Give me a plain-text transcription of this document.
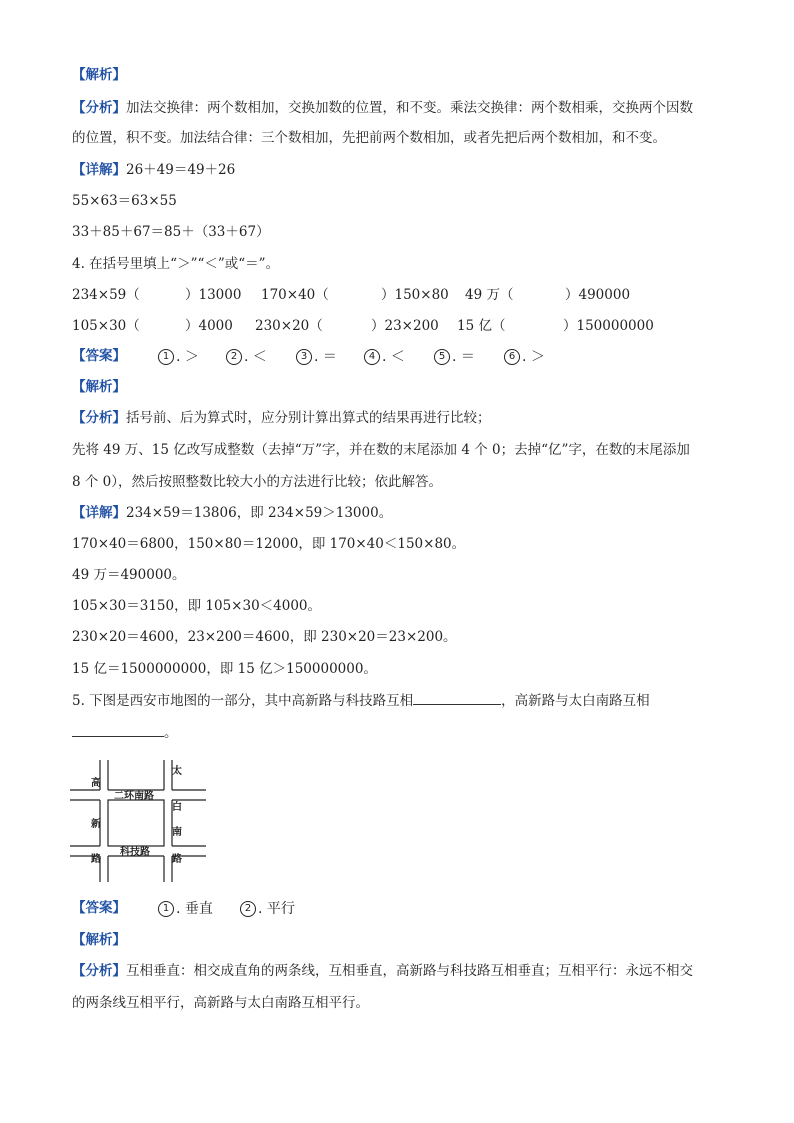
【解析】
【分析】加法交换律：两个数相加，交换加数的位置，和不变。乘法交换律：两个数相乘，交换两个因数
的位置，积不变。加法结合律：三个数相加，先把前两个数相加，或者先把后两个数相加，和不变。
【详解】26＋49＝49＋26
55×63＝63×55
33＋85＋67＝85＋（33＋67）
4. 在括号里填上“＞”“＜”或“＝”。
234×59（	）13000 170×40（	）150×80 49 万（	）490000
105×30（	）4000 230×20（	）23×200 15 亿（	）150000000
【答案】	1 . ＞	2 . ＜	3 . ＝	4 . ＜	5 . ＝	6 . ＞
【解析】
【分析】括号前、后为算式时，应分别计算出算式的结果再进行比较；
先将 49 万、15 亿改写成整数（去掉“万”字，并在数的末尾添加 4 个 0；去掉“亿”字，在数的末尾添加
8 个 0），然后按照整数比较大小的方法进行比较；依此解答。
【详解】234×59＝13806，即 234×59＞13000。
170×40＝6800，150×80＝12000，即 170×40＜150×80。
49 万＝490000。
105×30＝3150，即 105×30＜4000。
230×20＝4600，23×200＝4600，即 230×20＝23×200。
15 亿＝1500000000，即 15 亿＞150000000。
5. 下图是西安市地图的一部分，其中高新路与科技路互相	，高新路与太白南路互相
。
高
新
路
太
白
南
路
二环南路
科技路
【答案】	1 . 垂直	2 . 平行
【解析】
【分析】互相垂直：相交成直角的两条线，互相垂直，高新路与科技路互相垂直；互相平行：永远不相交
的两条线互相平行，高新路与太白南路互相平行。
